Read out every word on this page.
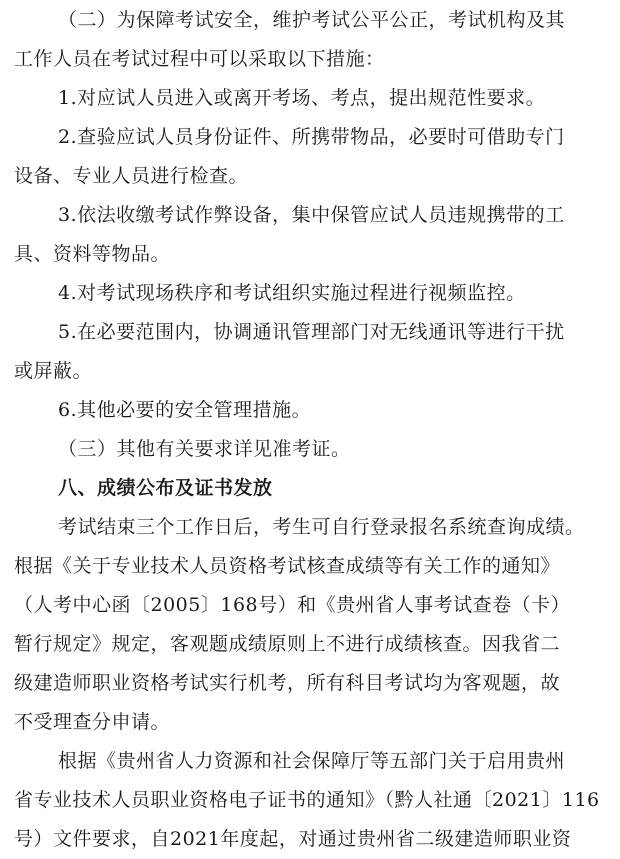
（二）为保障考试安全，维护考试公平公正，考试机构及其
工作人员在考试过程中可以采取以下措施：
1.对应试人员进入或离开考场、考点，提出规范性要求。
2.查验应试人员身份证件、所携带物品，必要时可借助专门
设备、专业人员进行检查。
3.依法收缴考试作弊设备，集中保管应试人员违规携带的工
具、资料等物品。
4.对考试现场秩序和考试组织实施过程进行视频监控。
5.在必要范围内，协调通讯管理部门对无线通讯等进行干扰
或屏蔽。
6.其他必要的安全管理措施。
（三）其他有关要求详见准考证。
八、成绩公布及证书发放
考试结束三个工作日后，考生可自行登录报名系统查询成绩。
根据《关于专业技术人员资格考试核查成绩等有关工作的通知》
（人考中心函〔2005〕168号）和《贵州省人事考试查卷（卡）
暂行规定》规定，客观题成绩原则上不进行成绩核查。因我省二
级建造师职业资格考试实行机考，所有科目考试均为客观题，故
不受理查分申请。
根据《贵州省人力资源和社会保障厅等五部门关于启用贵州
省专业技术人员职业资格电子证书的通知》（黔人社通〔2021〕116
号）文件要求，自2021年度起，对通过贵州省二级建造师职业资
